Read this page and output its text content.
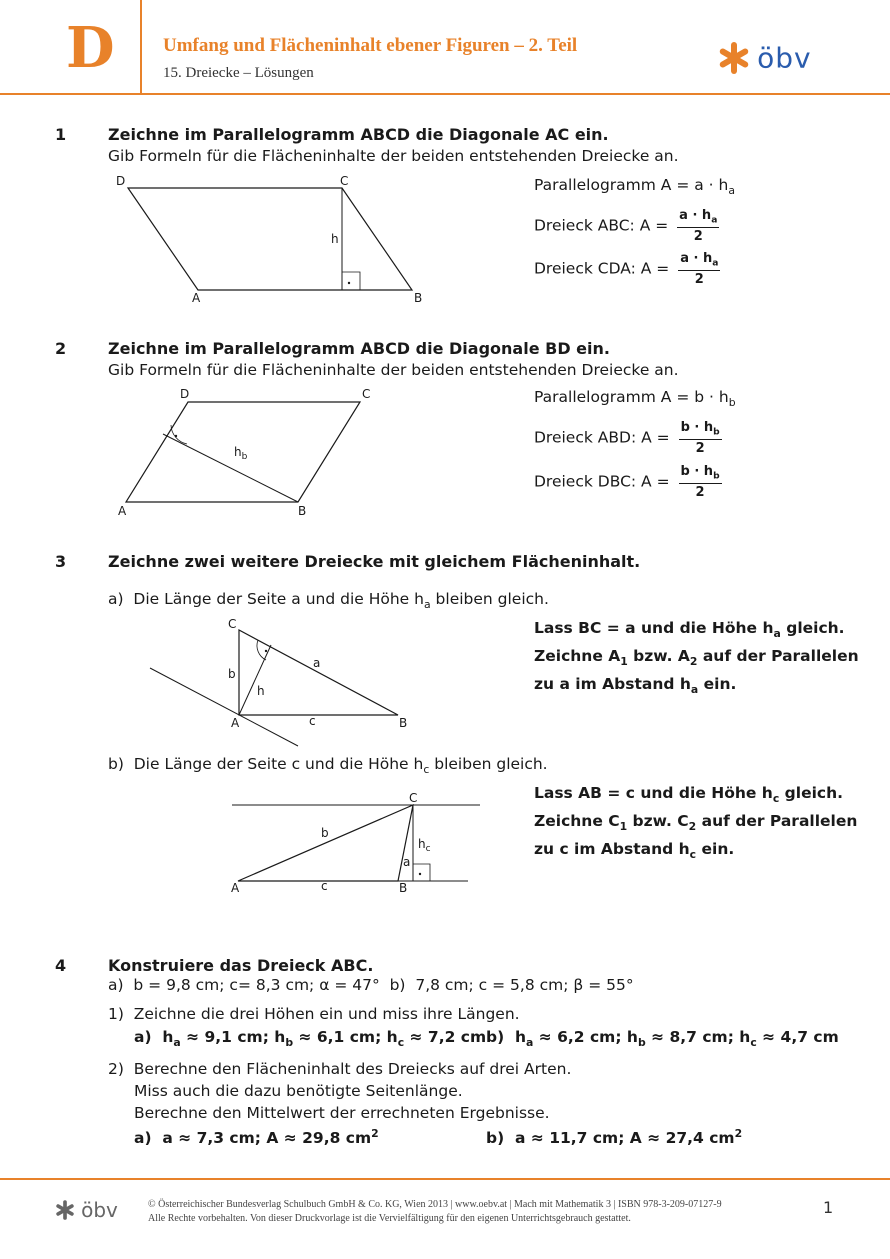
D	Umfang und Flächeninhalt ebener Figuren – 2. Teil
15. Dreiecke – Lösungen	öbv
1	Zeichne im Parallelogramm ABCD die Diagonale AC ein.
Gib Formeln für die Flächeninhalte der beiden entstehenden Dreiecke an.
D	C
A	B
h
Parallelogramm $A = a \cdot h_a$
Dreieck ABC: $A = \frac{a \cdot h_a}{2}$
Dreieck CDA: $A = \frac{a \cdot h_a}{2}$
2	Zeichne im Parallelogramm ABCD die Diagonale BD ein.
Gib Formeln für die Flächeninhalte der beiden entstehenden Dreiecke an.
D	C
A	B
$h_b$
Parallelogramm $A = b \cdot h_b$
Dreieck ABD: $A = \frac{b \cdot h_b}{2}$
Dreieck DBC: $A = \frac{b \cdot h_b}{2}$
3	Zeichne zwei weitere Dreiecke mit gleichem Flächeninhalt.
a) Die Länge der Seite a und die Höhe $h_a$ bleiben gleich.
C
A	B
a
b
c
h
Lass BC = a und die Höhe $h_a$ gleich.
Zeichne $A_1$ bzw. $A_2$ auf der Parallelen
zu a im Abstand $h_a$ ein.
b) Die Länge der Seite c und die Höhe $h_c$ bleiben gleich.
C
A	B
a
b
c
$h_c$
Lass AB = c und die Höhe $h_c$ gleich.
Zeichne $C_1$ bzw. $C_2$ auf der Parallelen
zu c im Abstand $h_c$ ein.
4	Konstruiere das Dreieck ABC.
a)  b = 9,8 cm; c= 8,3 cm; α = 47°  b)  7,8 cm; c = 5,8 cm; β = 55°
1) Zeichne die drei Höhen ein und miss ihre Längen.
a) $h_a \approx 9,1$ cm; $h_b \approx 6,1$ cm; $h_c \approx 7,2$ cm b) $h_a \approx 6,2$ cm; $h_b \approx 8,7$ cm; $h_c \approx 4,7$ cm
2) Berechne den Flächeninhalt des Dreiecks auf drei Arten.
Miss auch die dazu benötigte Seitenlänge.
Berechne den Mittelwert der errechneten Ergebnisse.
a) a ≈ 7,3 cm; A ≈ 29,8 $cm^2$	b) a ≈ 11,7 cm; A ≈ 27,4 $cm^2$
öbv	© Österreichischer Bundesverlag Schulbuch GmbH & Co. KG, Wien 2013 | www.oebv.at | Mach mit Mathematik 3 | ISBN 978-3-209-07127-9
Alle Rechte vorbehalten. Von dieser Druckvorlage ist die Vervielfältigung für den eigenen Unterrichtsgebrauch gestattet.
1
